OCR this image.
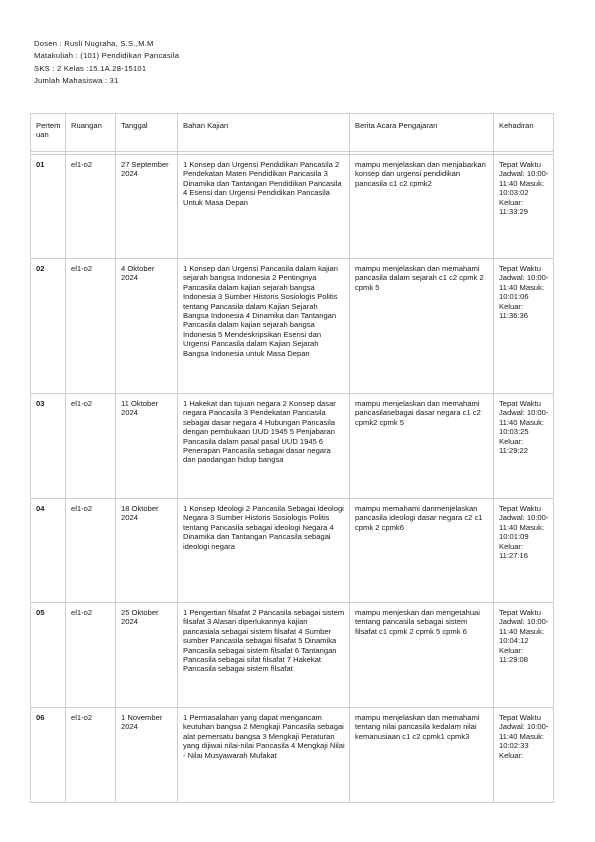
Dosen : Rusli Nugraha, S.S.,M.M
Matakuliah : (101) Pendidikan Pancasila
SKS : 2 Kelas :15.1A.28-15101
Jumlah Mahasiswa : 31
Pertem uan	Ruangan	Tanggal	Bahan Kajian	Berita Acara Pengajaran	Kehadiran

01	el1-o2	27 September 2024	1 Konsep dan Urgensi Pendidikan Pancasila 2 Pendekatan Materi Pendidikan Pancasila 3 Dinamika dan Tantangan Pendidikan Pancasila 4 Esensi dan Urgensi Pendidikan Pancasila Untuk Masa Depan	mampu menjelaskan dan menjabarkan konsep dan urgensi pendidikan pancasila c1 c2 cpmk2	Tepat Waktu Jadwal: 10:00-11:40 Masuk: 10:03:02 Keluar: 11:33:29
02	el1-o2	4 Oktober 2024	1 Konsep dan Urgensi Pancasila dalam kajian sejarah bangsa Indonesia 2 Pentingnya Pancasila dalam kajian sejarah bangsa Indonesia 3 Sumber Historis Sosiologis Politis tentang Pancasila dalam Kajian Sejarah Bangsa Indonesia 4 Dinamika dan Tantangan Pancasila dalam kajian sejarah bangsa Indonesia 5 Mendeskripsikan Esensi dan Urgensi Pancasila dalam Kajian Sejarah Bangsa Indonesia untuk Masa Depan	mampu menjelaskan dan memahami pancasila dalam sejarah c1 c2 cpmk 2 cpmk 5	Tepat Waktu Jadwal: 10:00-11:40 Masuk: 10:01:06 Keluar: 11:36:36
03	el1-o2	11 Oktober 2024	1 Hakekat dan tujuan negara 2 Konsep dasar negara Pancasila 3 Pendekatan Pancasila sebagai dasar negara 4 Hubungan Pancasila dengan pembukaan UUD 1945 5 Penjabaran Pancasila dalam pasal pasal UUD 1945 6 Penerapan Pancasila sebagai dasar negara dan pandangan hidup bangsa	mampu menjelaskan dan memahami pancasilasebagai dasar negara c1 c2 cpmk2 cpmk 5	Tepat Waktu Jadwal: 10:00-11:40 Masuk: 10:03:25 Keluar: 11:29:22
04	el1-o2	18 Oktober 2024	1 Konsep Ideologi 2 Pancasila Sebagai Ideologi Negara 3 Sumber Historis Sosiologis Politis tentang Pancasila sebagai ideologi Negara 4 Dinamika dan Tantangan Pancasila sebagai ideologi negara	mampu memahami danmenjelaskan pancasila ideologi dasar negara c2 c1 cpmk 2 cpmk6	Tepat Waktu Jadwal: 10:00-11:40 Masuk: 10:01:09 Keluar: 11:27:16
05	el1-o2	25 Oktober 2024	1 Pengertian filsafat 2 Pancasila sebagai sistem filsafat 3 Alasan diperlukannya kajian pancasiala sebagai sistem filsafat 4 Sumber sumber Pancasila sebagai filsafat 5 Dinamika Pancasila sebagai sistem filsafat 6 Tantangan Pancasila sebagai sifat filsafat 7 Hakekat Pancasila sebagai sistem filsafat	mampu menjeskan dan mengetahuai tentang pancasila sebagai sistem filsafat c1 cpmk 2 cpmk 5 cpmk 6	Tepat Waktu Jadwal: 10:00-11:40 Masuk: 10:04:12 Keluar: 11:29:08
06	el1-o2	1 November 2024	1 Permasalahan yang dapat mengancam keutuhan bangsa 2 Mengkaji Pancasila sebagai alat pemersatu bangsa 3 Mengkaji Peraturan yang dijiwai nilai-nilai Pancasila 4 Mengkaji Nilai - Nilai Musyawarah Mufakat	mampu menjelaskan dan memahami tentang nilai pancasila kedalam nilai kemanusiaan c1 c2 cpmk1 cpmk3	Tepat Waktu Jadwal: 10:00-11:40 Masuk: 10:02:33 Keluar:
